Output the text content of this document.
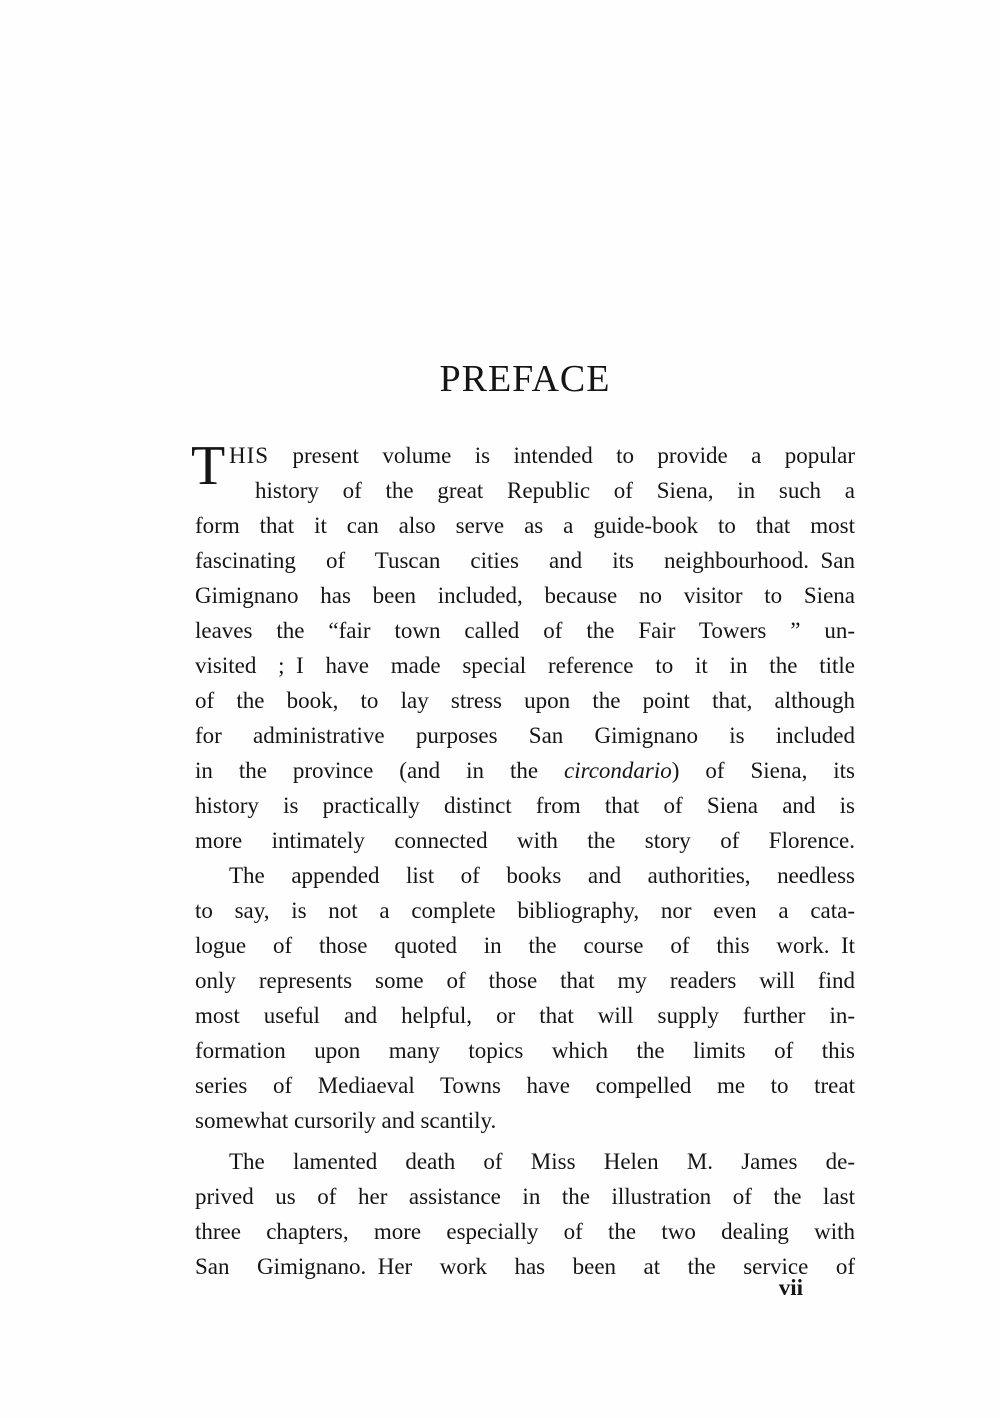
PREFACE
T HIS present volume is intended to provide a popular
history of the great Republic of Siena, in such a
form that it can also serve as a guide-book to that most
fascinating of Tuscan cities and its neighbourhood. San
Gimignano has been included, because no visitor to Siena
leaves the “fair town called of the Fair Towers ” un-
visited ; I have made special reference to it in the title
of the book, to lay stress upon the point that, although
for administrative purposes San Gimignano is included
in the province (and in the circondario) of Siena, its
history is practically distinct from that of Siena and is
more intimately connected with the story of Florence.
The appended list of books and authorities, needless
to say, is not a complete bibliography, nor even a cata-
logue of those quoted in the course of this work. It
only represents some of those that my readers will find
most useful and helpful, or that will supply further in-
formation upon many topics which the limits of this
series of Mediaeval Towns have compelled me to treat
somewhat cursorily and scantily.
The lamented death of Miss Helen M. James de-
prived us of her assistance in the illustration of the last
three chapters, more especially of the two dealing with
San Gimignano. Her work has been at the service of
vii
